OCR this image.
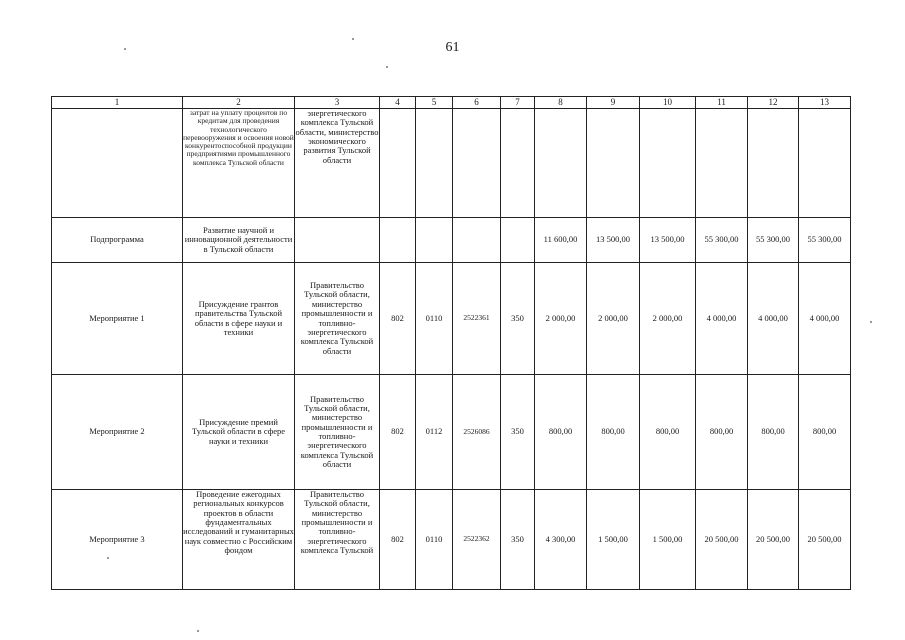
61
1	2	3	4	5	6	7	8	9	10	11	12	13
	затрат на уплату процентов по кредитам для проведения технологического перевооружения и освоения новой конкурентоспособной продукции предприятиями промышленного комплекса Тульской области	энергетического комплекса Тульской области, министерство экономического развития Тульской области										
Подпрограмма	Развитие научной и инновационной деятельности в Тульской области						11 600,00	13 500,00	13 500,00	55 300,00	55 300,00	55 300,00
Мероприятие 1	Присуждение грантов правительства Тульской области в сфере науки и техники	Правительство Тульской области, министерство промышленности и топливно-энергетического комплекса Тульской области	802	0110	2522361	350	2 000,00	2 000,00	2 000,00	4 000,00	4 000,00	4 000,00
Мероприятие 2	Присуждение премий Тульской области в сфере науки и техники	Правительство Тульской области, министерство промышленности и топливно-энергетического комплекса Тульской области	802	0112	2526086	350	800,00	800,00	800,00	800,00	800,00	800,00
Мероприятие 3	Проведение ежегодных региональных конкурсов проектов в области фундаментальных исследований и гуманитарных наук совместно с Российским фондом	Правительство Тульской области, министерство промышленности и топливно-энергетического комплекса Тульской	802	0110	2522362	350	4 300,00	1 500,00	1 500,00	20 500,00	20 500,00	20 500,00
